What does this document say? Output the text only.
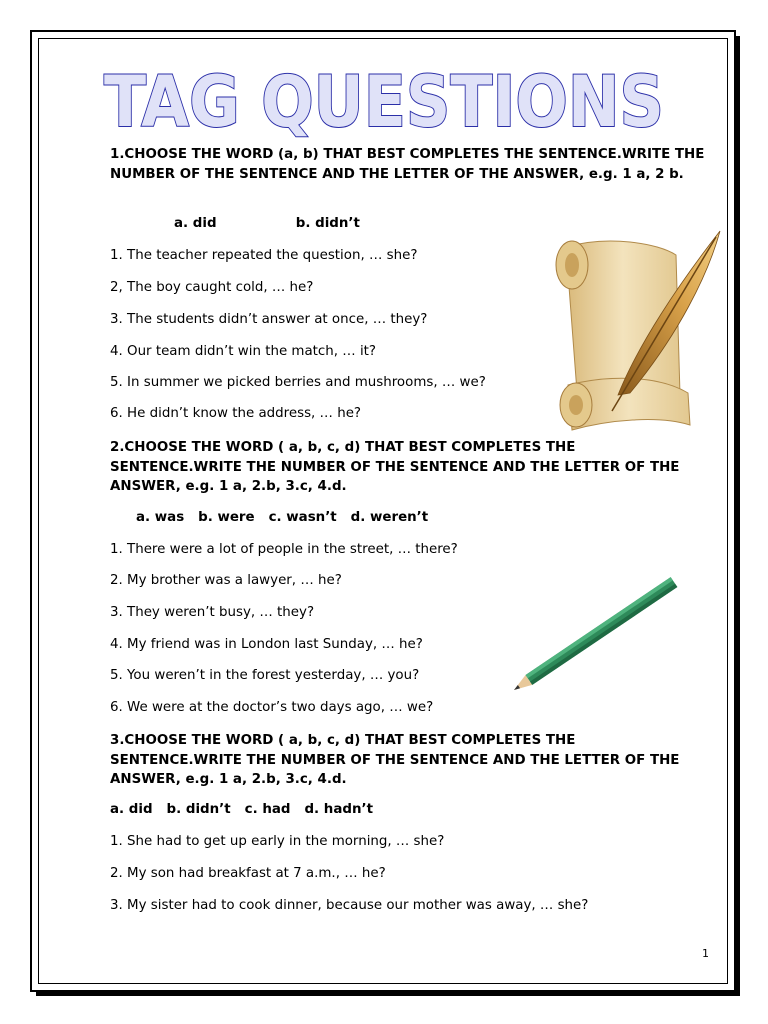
TAG QUESTIONS
1.CHOOSE THE WORD (a, b) THAT BEST COMPLETES THE SENTENCE.WRITE THE NUMBER OF THE SENTENCE AND THE LETTER OF THE ANSWER, e.g. 1 a, 2 b.
a. did                 b. didn’t
1. The teacher repeated the question, … she?
2, The boy caught cold, … he?
3. The students didn’t answer at once, … they?
4. Our team didn’t win the match, … it?
5. In summer we picked berries and mushrooms, … we?
6. He didn’t know the address, … he?
2.CHOOSE THE WORD ( a, b, c, d) THAT BEST COMPLETES THE SENTENCE.WRITE THE NUMBER OF THE SENTENCE AND THE LETTER OF THE ANSWER, e.g. 1 a, 2.b, 3.c, 4.d.
a. was   b. were   c. wasn’t   d. weren’t
1. There were a lot of people in the street, … there?
2. My brother was a lawyer, … he?
3. They weren’t busy, … they?
4. My friend was in London last Sunday, … he?
5. You weren’t in the forest yesterday, … you?
6. We were at the doctor’s two days ago, … we?
3.CHOOSE THE WORD ( a, b, c, d) THAT BEST COMPLETES THE SENTENCE.WRITE THE NUMBER OF THE SENTENCE AND THE LETTER OF THE ANSWER, e.g. 1 a, 2.b, 3.c, 4.d.
a. did   b. didn’t   c. had   d. hadn’t
1. She had to get up early in the morning, … she?
2. My son had breakfast at 7 a.m., … he?
3. My sister had to cook dinner, because our mother was away, … she?
1
